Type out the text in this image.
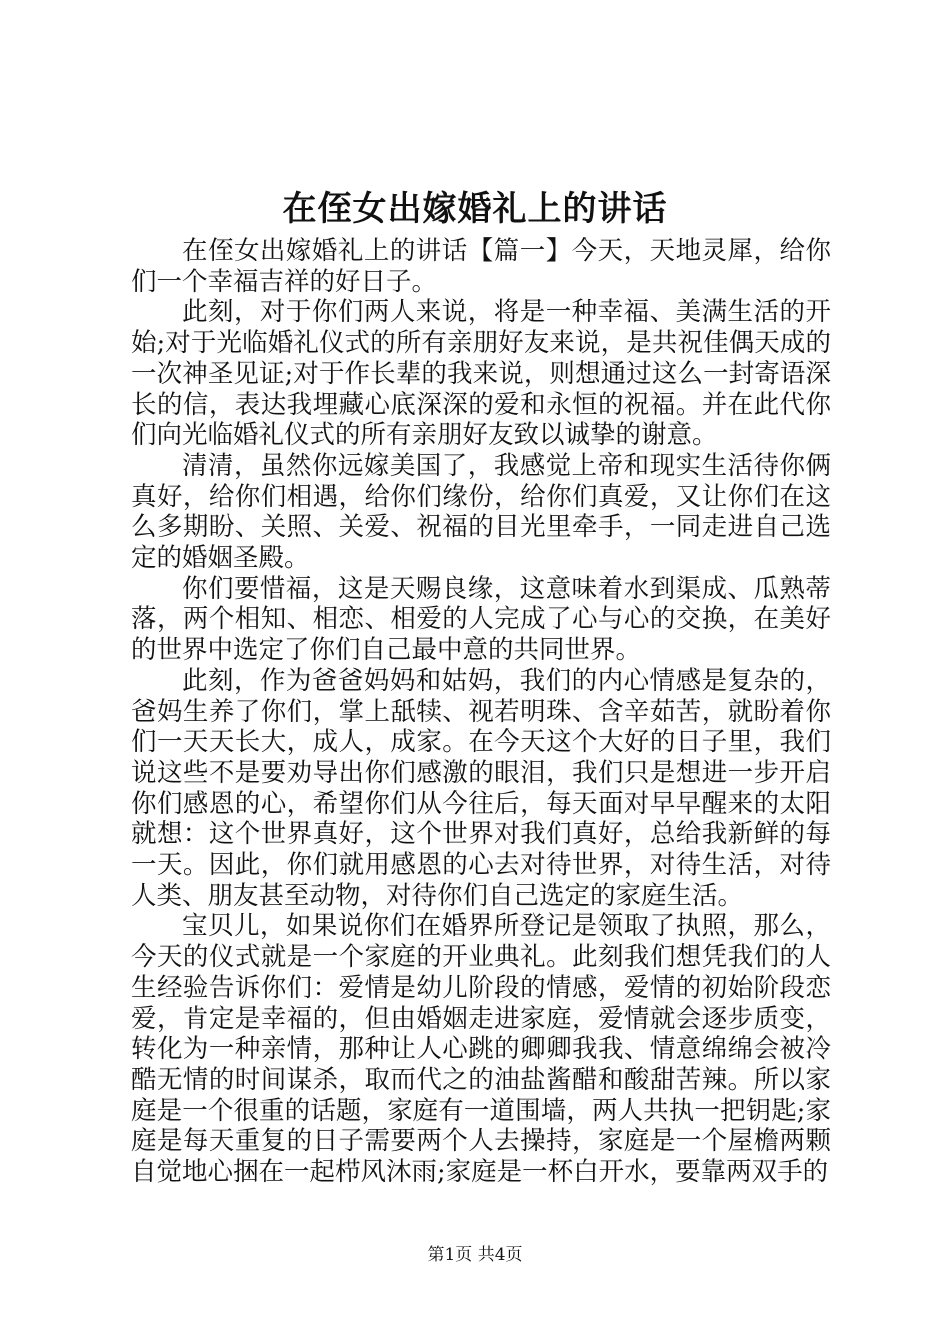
在侄女出嫁婚礼上的讲话

在侄女出嫁婚礼上的讲话【篇一】今天，天地灵犀，给你们一个幸福吉祥的好日子。

此刻，对于你们两人来说，将是一种幸福、美满生活的开始;对于光临婚礼仪式的所有亲朋好友来说，是共祝佳偶天成的一次神圣见证;对于作长辈的我来说，则想通过这么一封寄语深长的信，表达我埋藏心底深深的爱和永恒的祝福。并在此代你们向光临婚礼仪式的所有亲朋好友致以诚挚的谢意。

清清，虽然你远嫁美国了，我感觉上帝和现实生活待你俩真好，给你们相遇，给你们缘份，给你们真爱，又让你们在这么多期盼、关照、关爱、祝福的目光里牵手，一同走进自己选定的婚姻圣殿。

你们要惜福，这是天赐良缘，这意味着水到渠成、瓜熟蒂落，两个相知、相恋、相爱的人完成了心与心的交换，在美好的世界中选定了你们自己最中意的共同世界。

此刻，作为爸爸妈妈和姑妈，我们的内心情感是复杂的，爸妈生养了你们，掌上舐犊、视若明珠、含辛茹苦，就盼着你们一天天长大，成人，成家。在今天这个大好的日子里，我们说这些不是要劝导出你们感激的眼泪，我们只是想进一步开启你们感恩的心，希望你们从今往后，每天面对早早醒来的太阳就想：这个世界真好，这个世界对我们真好，总给我新鲜的每一天。因此，你们就用感恩的心去对待世界，对待生活，对待人类、朋友甚至动物，对待你们自己选定的家庭生活。

宝贝儿，如果说你们在婚界所登记是领取了执照，那么，今天的仪式就是一个家庭的开业典礼。此刻我们想凭我们的人生经验告诉你们：爱情是幼儿阶段的情感，爱情的初始阶段恋爱，肯定是幸福的，但由婚姻走进家庭，爱情就会逐步质变，转化为一种亲情，那种让人心跳的卿卿我我、情意绵绵会被冷酷无情的时间谋杀，取而代之的油盐酱醋和酸甜苦辣。所以家庭是一个很重的话题，家庭有一道围墙，两人共执一把钥匙;家庭是每天重复的日子需要两个人去操持，家庭是一个屋檐两颗自觉地心捆在一起栉风沐雨;家庭是一杯白开水，要靠两双手的

第1页 共4页
